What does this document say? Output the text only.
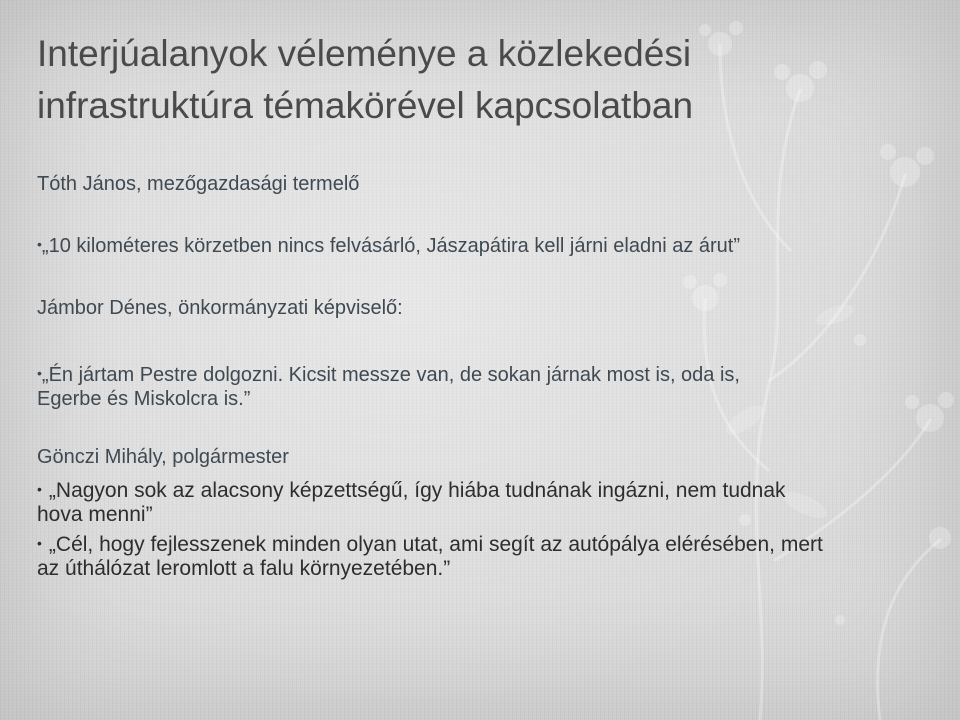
Interjúalanyok véleménye a közlekedési
infrastruktúra témakörével kapcsolatban
Tóth János, mezőgazdasági termelő
•„10 kilométeres körzetben nincs felvásárló, Jászapátira kell járni eladni az árut”
Jámbor Dénes, önkormányzati képviselő:
•„Én jártam Pestre dolgozni. Kicsit messze van, de sokan járnak most is, oda is,
Egerbe és Miskolcra is.”
Gönczi Mihály, polgármester
• „Nagyon sok az alacsony képzettségű, így hiába tudnának ingázni, nem tudnak
hova menni”
• „Cél, hogy fejlesszenek minden olyan utat, ami segít az autópálya elérésében, mert
az úthálózat leromlott a falu környezetében.”
